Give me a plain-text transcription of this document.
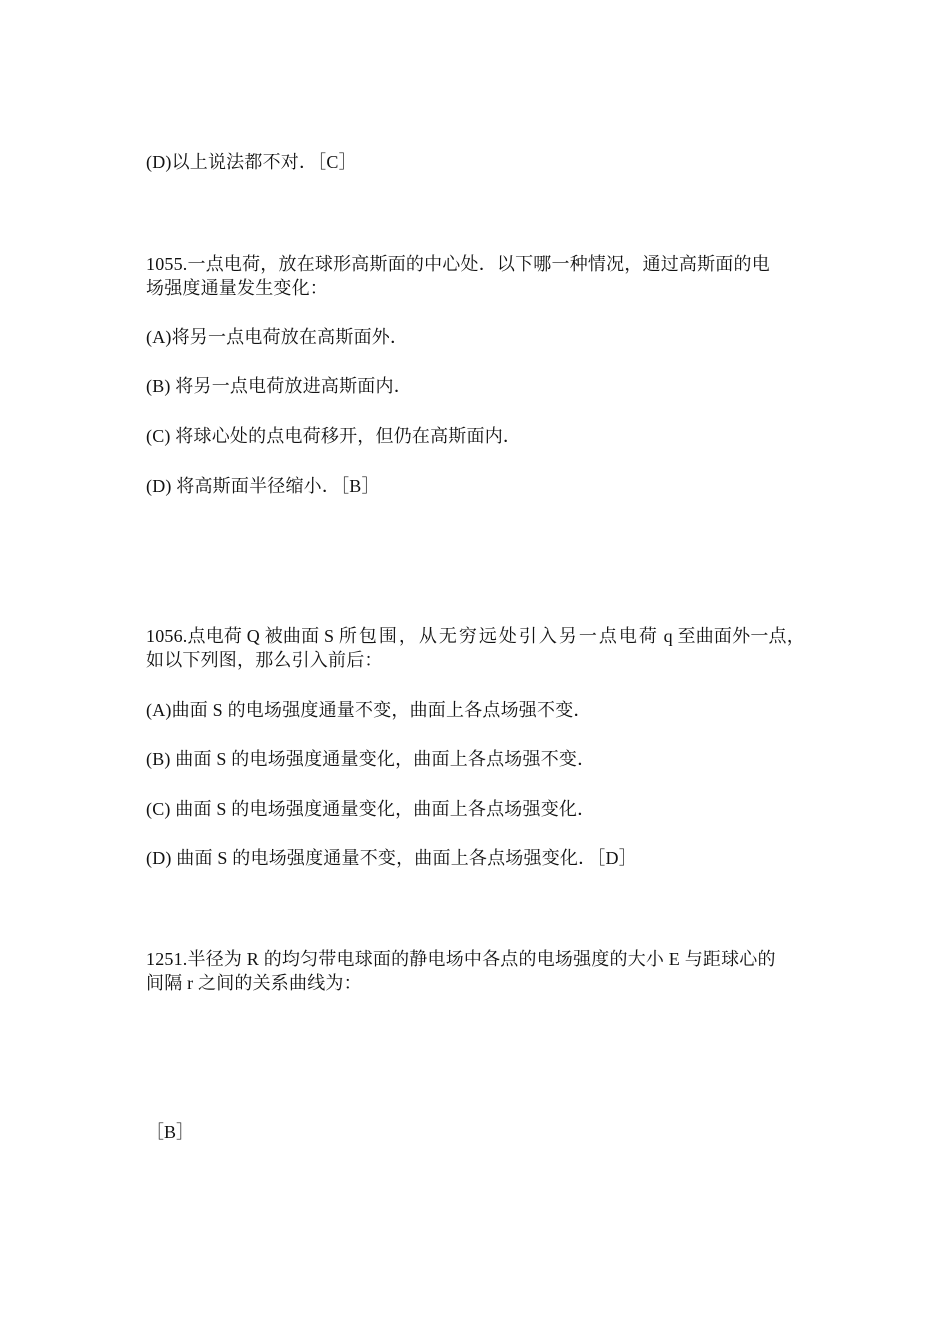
(D)以上说法都不对．［C］
1055.一点电荷，放在球形高斯面的中心处．以下哪一种情况，通过高斯面的电
场强度通量发生变化：
(A)将另一点电荷放在高斯面外．
(B) 将另一点电荷放进高斯面内．
(C) 将球心处的点电荷移开，但仍在高斯面内．
(D) 将高斯面半径缩小．［B］
1056.点电荷 Q 被曲面 S 所包围，从无穷远处引入另一点电荷 q 至曲面外一点，
如以下列图，那么引入前后：
(A)曲面 S 的电场强度通量不变，曲面上各点场强不变．
(B) 曲面 S 的电场强度通量变化，曲面上各点场强不变．
(C) 曲面 S 的电场强度通量变化，曲面上各点场强变化．
(D) 曲面 S 的电场强度通量不变，曲面上各点场强变化．［D］
1251.半径为 R 的均匀带电球面的静电场中各点的电场强度的大小 E 与距球心的
间隔 r 之间的关系曲线为：
［B］
